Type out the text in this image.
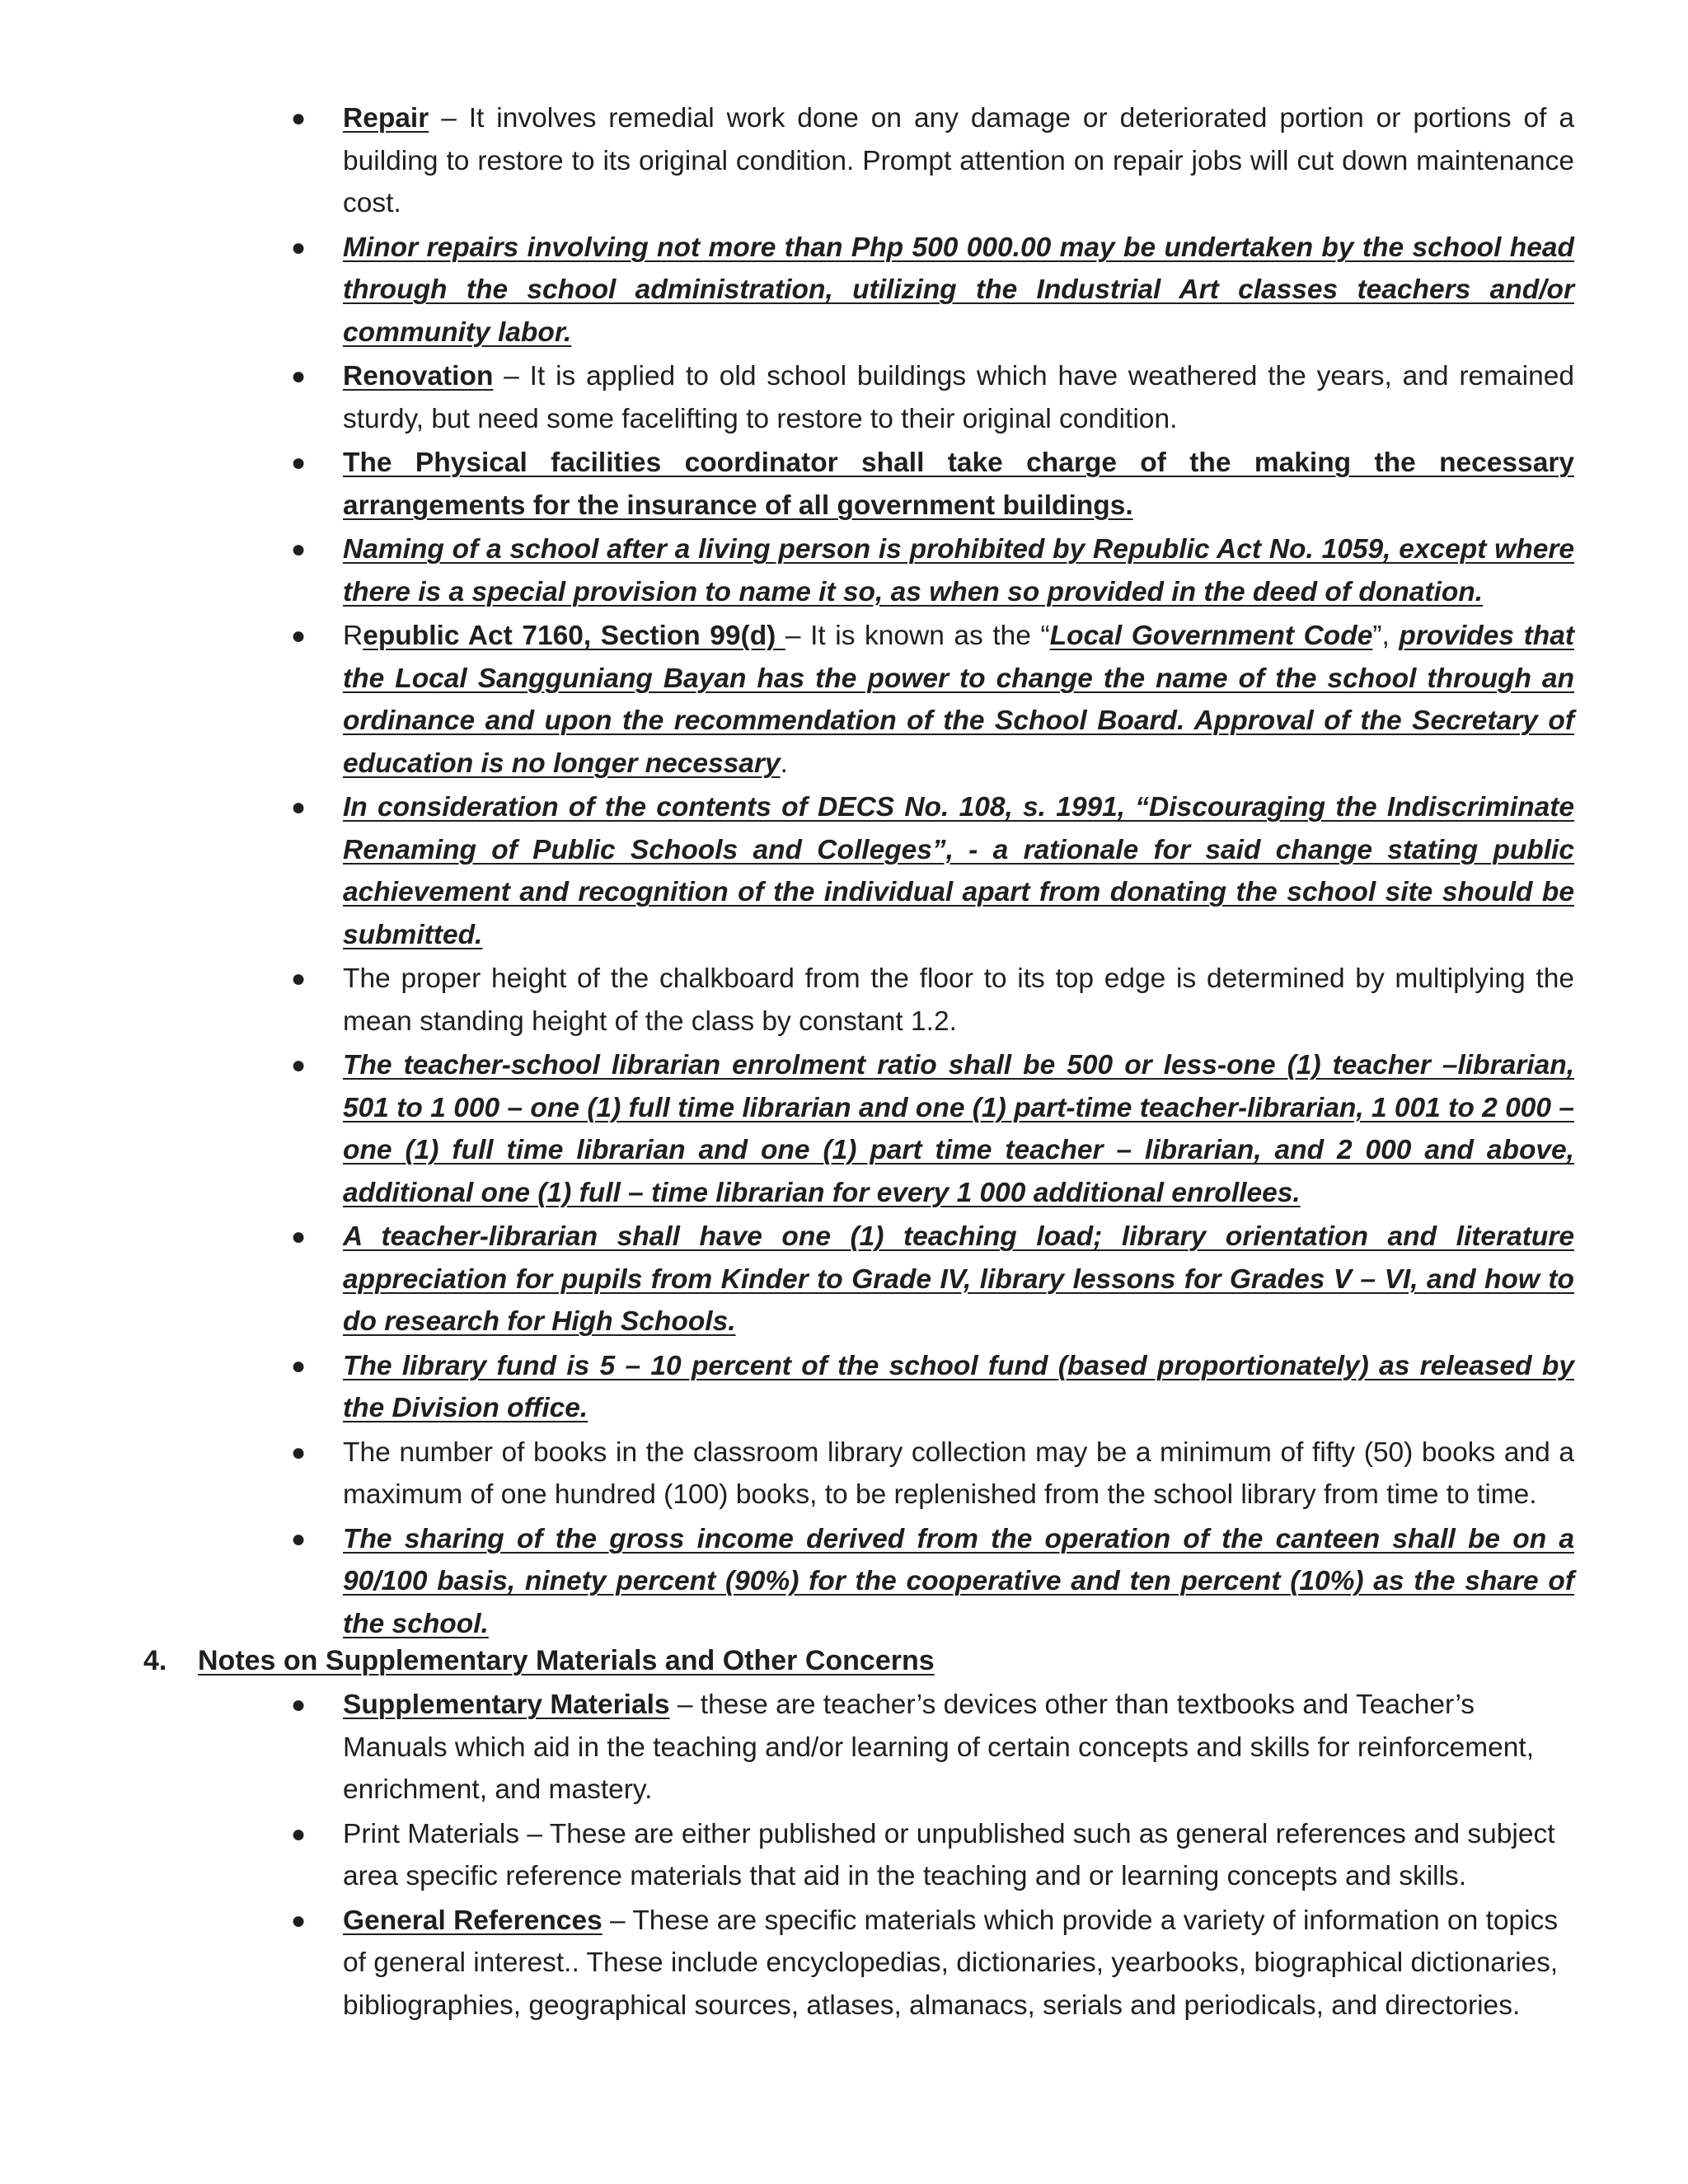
● Repair – It involves remedial work done on any damage or deteriorated portion or portions of a building to restore to its original condition. Prompt attention on repair jobs will cut down maintenance cost.
● Minor repairs involving not more than Php 500 000.00 may be undertaken by the school head through the school administration, utilizing the Industrial Art classes teachers and/or community labor.
● Renovation – It is applied to old school buildings which have weathered the years, and remained sturdy, but need some facelifting to restore to their original condition.
● The Physical facilities coordinator shall take charge of the making the necessary arrangements for the insurance of all government buildings.
● Naming of a school after a living person is prohibited by Republic Act No. 1059, except where there is a special provision to name it so, as when so provided in the deed of donation.
● Republic Act 7160, Section 99(d) – It is known as the “Local Government Code”, provides that the Local Sangguniang Bayan has the power to change the name of the school through an ordinance and upon the recommendation of the School Board. Approval of the Secretary of education is no longer necessary.
● In consideration of the contents of DECS No. 108, s. 1991, “Discouraging the Indiscriminate Renaming of Public Schools and Colleges”, - a rationale for said change stating public achievement and recognition of the individual apart from donating the school site should be submitted.
● The proper height of the chalkboard from the floor to its top edge is determined by multiplying the mean standing height of the class by constant 1.2.
● The teacher-school librarian enrolment ratio shall be 500 or less-one (1) teacher –librarian, 501 to 1 000 – one (1) full time librarian and one (1) part-time teacher-librarian, 1 001 to 2 000 – one (1) full time librarian and one (1) part time teacher – librarian, and 2 000 and above, additional one (1) full – time librarian for every 1 000 additional enrollees.
● A teacher-librarian shall have one (1) teaching load; library orientation and literature appreciation for pupils from Kinder to Grade IV, library lessons for Grades V – VI, and how to do research for High Schools.
● The library fund is 5 – 10 percent of the school fund (based proportionately) as released by the Division office.
● The number of books in the classroom library collection may be a minimum of fifty (50) books and a maximum of one hundred (100) books, to be replenished from the school library from time to time.
● The sharing of the gross income derived from the operation of the canteen shall be on a 90/100 basis, ninety percent (90%) for the cooperative and ten percent (10%) as the share of the school.
4. Notes on Supplementary Materials and Other Concerns
● Supplementary Materials – these are teacher’s devices other than textbooks and Teacher’s Manuals which aid in the teaching and/or learning of certain concepts and skills for reinforcement, enrichment, and mastery.
● Print Materials – These are either published or unpublished such as general references and subject area specific reference materials that aid in the teaching and or learning concepts and skills.
● General References – These are specific materials which provide a variety of information on topics of general interest.. These include encyclopedias, dictionaries, yearbooks, biographical dictionaries, bibliographies, geographical sources, atlases, almanacs, serials and periodicals, and directories.
